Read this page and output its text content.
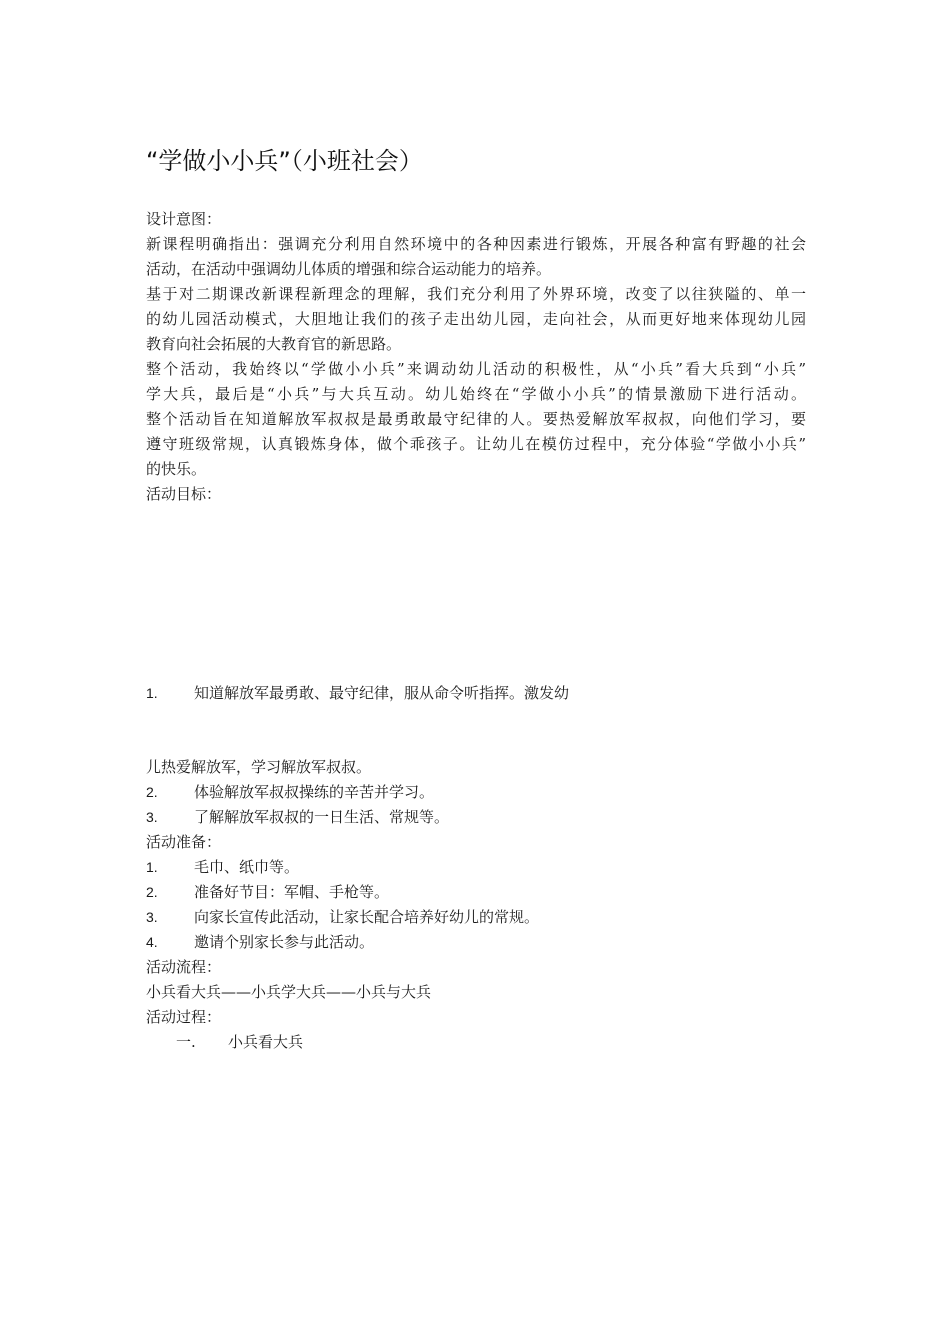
“学做小小兵”（小班社会）
设计意图：
新课程明确指出：强调充分利用自然环境中的各种因素进行锻炼，开展各种富有野趣的社会
活动，在活动中强调幼儿体质的增强和综合运动能力的培养。
基于对二期课改新课程新理念的理解，我们充分利用了外界环境，改变了以往狭隘的、单一
的幼儿园活动模式，大胆地让我们的孩子走出幼儿园，走向社会，从而更好地来体现幼儿园
教育向社会拓展的大教育官的新思路。
整个活动，我始终以“学做小小兵”来调动幼儿活动的积极性，从“小兵”看大兵到“小兵”
学大兵，最后是“小兵”与大兵互动。幼儿始终在“学做小小兵”的情景激励下进行活动。
整个活动旨在知道解放军叔叔是最勇敢最守纪律的人。要热爱解放军叔叔，向他们学习，要
遵守班级常规，认真锻炼身体，做个乖孩子。让幼儿在模仿过程中，充分体验“学做小小兵”
的快乐。
活动目标：
1. 知道解放军最勇敢、最守纪律，服从命令听指挥。激发幼
儿热爱解放军，学习解放军叔叔。
2. 体验解放军叔叔操练的辛苦并学习。
3. 了解解放军叔叔的一日生活、常规等。
活动准备：
1. 毛巾、纸巾等。
2. 准备好节目：军帽、手枪等。
3. 向家长宣传此活动，让家长配合培养好幼儿的常规。
4. 邀请个别家长参与此活动。
活动流程：
小兵看大兵——小兵学大兵——小兵与大兵
活动过程：
一. 小兵看大兵
